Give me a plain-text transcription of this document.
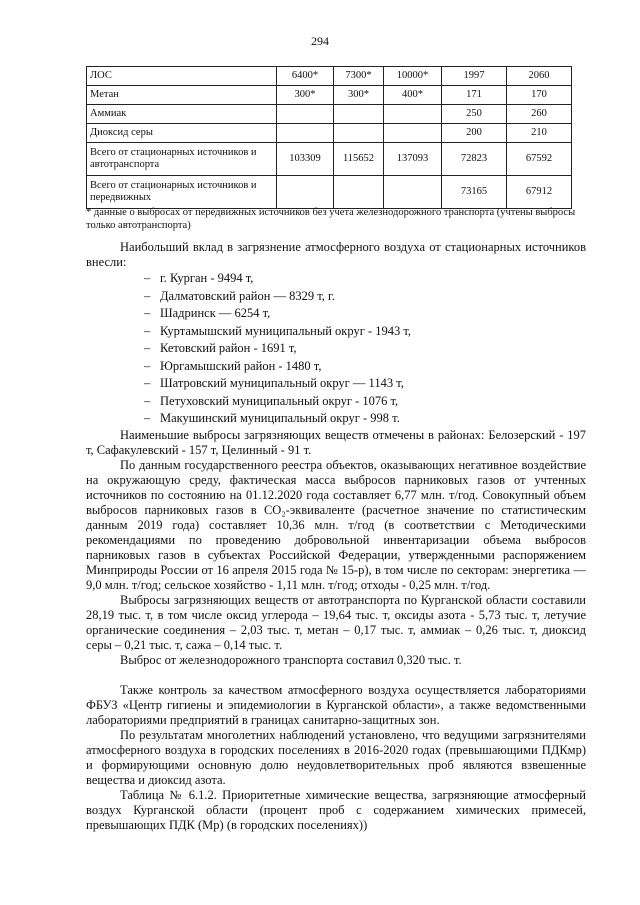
294
ЛОС	6400*	7300*	10000*	1997	2060
Метан	300*	300*	400*	171	170
Аммиак				250	260
Диоксид серы				200	210
Всего от стационарных источников и автотранспорта	103309	115652	137093	72823	67592
Всего от стационарных источников и передвижных				73165	67912
* данные о выбросах от передвижных источников без учета железнодорожного транспорта (учтены выбросы только автотранспорта)

Наибольший вклад в загрязнение атмосферного воздуха от стационарных источников внесли:

– г. Курган - 9494 т,
– Далматовский район — 8329 т, г.
– Шадринск — 6254 т,
– Куртамышский муниципальный округ - 1943 т,
– Кетовский район - 1691 т,
– Юргамышский район - 1480 т,
– Шатровский муниципальный округ — 1143 т,
– Петуховский муниципальный округ - 1076 т,
– Макушинский муниципальный округ - 998 т.

Наименьшие выбросы загрязняющих веществ отмечены в районах: Белозерский - 197 т, Сафакулевский - 157 т, Целинный - 91 т.

По данным государственного реестра объектов, оказывающих негативное воздействие на окружающую среду, фактическая масса выбросов парниковых газов от учтенных источников по состоянию на 01.12.2020 года составляет 6,77 млн. т/год. Совокупный объем выбросов парниковых газов в CO₂-эквиваленте (расчетное значение по статистическим данным 2019 года) составляет 10,36 млн. т/год (в соответствии с Методическими рекомендациями по проведению добровольной инвентаризации объема выбросов парниковых газов в субъектах Российской Федерации, утвержденными распоряжением Минприроды России от 16 апреля 2015 года № 15-р), в том числе по секторам: энергетика — 9,0 млн. т/год; сельское хозяйство - 1,11 млн. т/год; отходы - 0,25 млн. т/год.

Выбросы загрязняющих веществ от автотранспорта по Курганской области составили 28,19 тыс. т, в том числе оксид углерода – 19,64 тыс. т, оксиды азота - 5,73 тыс. т, летучие органические соединения – 2,03 тыс. т, метан – 0,17 тыс. т, аммиак – 0,26 тыс. т, диоксид серы – 0,21 тыс. т, сажа – 0,14 тыс. т.

Выброс от железнодорожного транспорта составил 0,320 тыс. т.

Также контроль за качеством атмосферного воздуха осуществляется лабораториями ФБУЗ «Центр гигиены и эпидемиологии в Курганской области», а также ведомственными лабораториями предприятий в границах санитарно-защитных зон.

По результатам многолетних наблюдений установлено, что ведущими загрязнителями атмосферного воздуха в городских поселениях в 2016-2020 годах (превышающими ПДКмр) и формирующими основную долю неудовлетворительных проб являются взвешенные вещества и диоксид азота.

Таблица № 6.1.2. Приоритетные химические вещества, загрязняющие атмосферный воздух Курганской области (процент проб с содержанием химических примесей, превышающих ПДК (Мр) (в городских поселениях))
